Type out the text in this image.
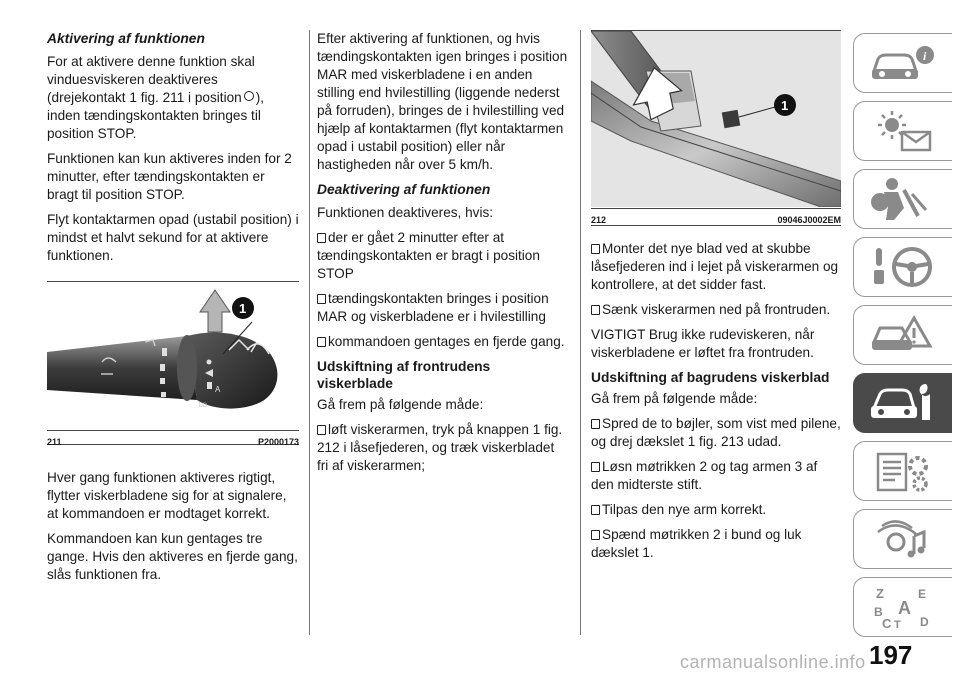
Aktivering af funktionen

For at aktivere denne funktion skal
vinduesviskeren deaktiveres
(drejekontakt 1 fig. 211 i position ),
inden tændingskontakten bringes til
position STOP.

Funktionen kan kun aktiveres inden for 2 minutter, efter tændingskontakten er bragt til position STOP.

Flyt kontaktarmen opad (ustabil position) i mindst et halvt sekund for at aktivere funktionen.

A
LO
1
211	P2000173

Hver gang funktionen aktiveres rigtigt, flytter viskerbladene sig for at signalere, at kommandoen er modtaget korrekt.

Kommandoen kan kun gentages tre gange. Hvis den aktiveres en fjerde gang, slås funktionen fra.

Efter aktivering af funktionen, og hvis tændingskontakten igen bringes i position MAR med viskerbladene i en anden stilling end hvilestilling (liggende nederst på forruden), bringes de i hvilestilling ved hjælp af kontaktarmen (flyt kontaktarmen opad i ustabil position) eller når hastigheden når over 5 km/h.

Deaktivering af funktionen

Funktionen deaktiveres, hvis:

der er gået 2 minutter efter at tændingskontakten er bragt i position STOP

tændingskontakten bringes i position MAR og viskerbladene er i hvilestilling

kommandoen gentages en fjerde gang.

Udskiftning af frontrudens viskerblade

Gå frem på følgende måde:

løft viskerarmen, tryk på knappen 1 fig. 212 i låsefjederen, og træk viskerbladet fri af viskerarmen;

1
212	09046J0002EM

Monter det nye blad ved at skubbe låsefjederen ind i lejet på viskerarmen og kontrollere, at det sidder fast.

Sænk viskerarmen ned på frontruden.

VIGTIGT Brug ikke rudeviskeren, når viskerbladene er løftet fra frontruden.

Udskiftning af bagrudens viskerblad

Gå frem på følgende måde:

Spred de to bøjler, som vist med pilene, og drej dækslet 1 fig. 213 udad.

Løsn møtrikken 2 og tag armen 3 af den midterste stift.

Tilpas den nye arm korrekt.

Spænd møtrikken 2 i bund og luk dækslet 1.

i
Z	E
A
B
C T D
carmanualsonline.info 197
